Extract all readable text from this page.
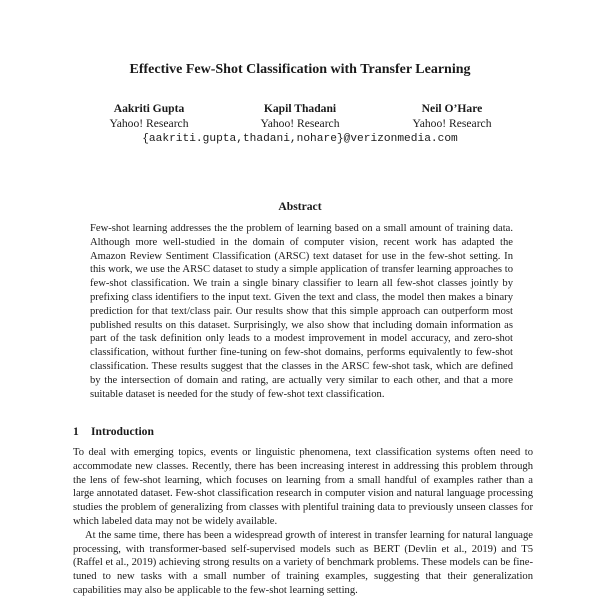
Effective Few-Shot Classification with Transfer Learning
Aakriti Gupta
Yahoo! Research
Kapil Thadani
Yahoo! Research
Neil O’Hare
Yahoo! Research
{aakriti.gupta,thadani,nohare}@verizonmedia.com
Abstract
Few-shot learning addresses the the problem of learning based on a small amount of training data. Although more well-studied in the domain of computer vision, recent work has adapted the Amazon Review Sentiment Classification (ARSC) text dataset for use in the few-shot setting. In this work, we use the ARSC dataset to study a simple application of transfer learning approaches to few-shot classification. We train a single binary classifier to learn all few-shot classes jointly by prefixing class identifiers to the input text. Given the text and class, the model then makes a binary prediction for that text/class pair. Our results show that this simple approach can outperform most published results on this dataset. Surprisingly, we also show that including domain information as part of the task definition only leads to a modest improvement in model accuracy, and zero-shot classification, without further fine-tuning on few-shot domains, performs equivalently to few-shot classification. These results suggest that the classes in the ARSC few-shot task, which are defined by the intersection of domain and rating, are actually very similar to each other, and that a more suitable dataset is needed for the study of few-shot text classification.
1 Introduction

To deal with emerging topics, events or linguistic phenomena, text classification systems often need to accommodate new classes. Recently, there has been increasing interest in addressing this problem through the lens of few-shot learning, which focuses on learning from a small handful of examples rather than a large annotated dataset. Few-shot classification research in computer vision and natural language processing studies the problem of generalizing from classes with plentiful training data to previously unseen classes for which labeled data may not be widely available.

At the same time, there has been a widespread growth of interest in transfer learning for natural language processing, with transformer-based self-supervised models such as BERT (Devlin et al., 2019) and T5 (Raffel et al., 2019) achieving strong results on a variety of benchmark problems. These models can be fine-tuned to new tasks with a small number of training examples, suggesting that their generalization capabilities may also be applicable to the few-shot learning setting.
